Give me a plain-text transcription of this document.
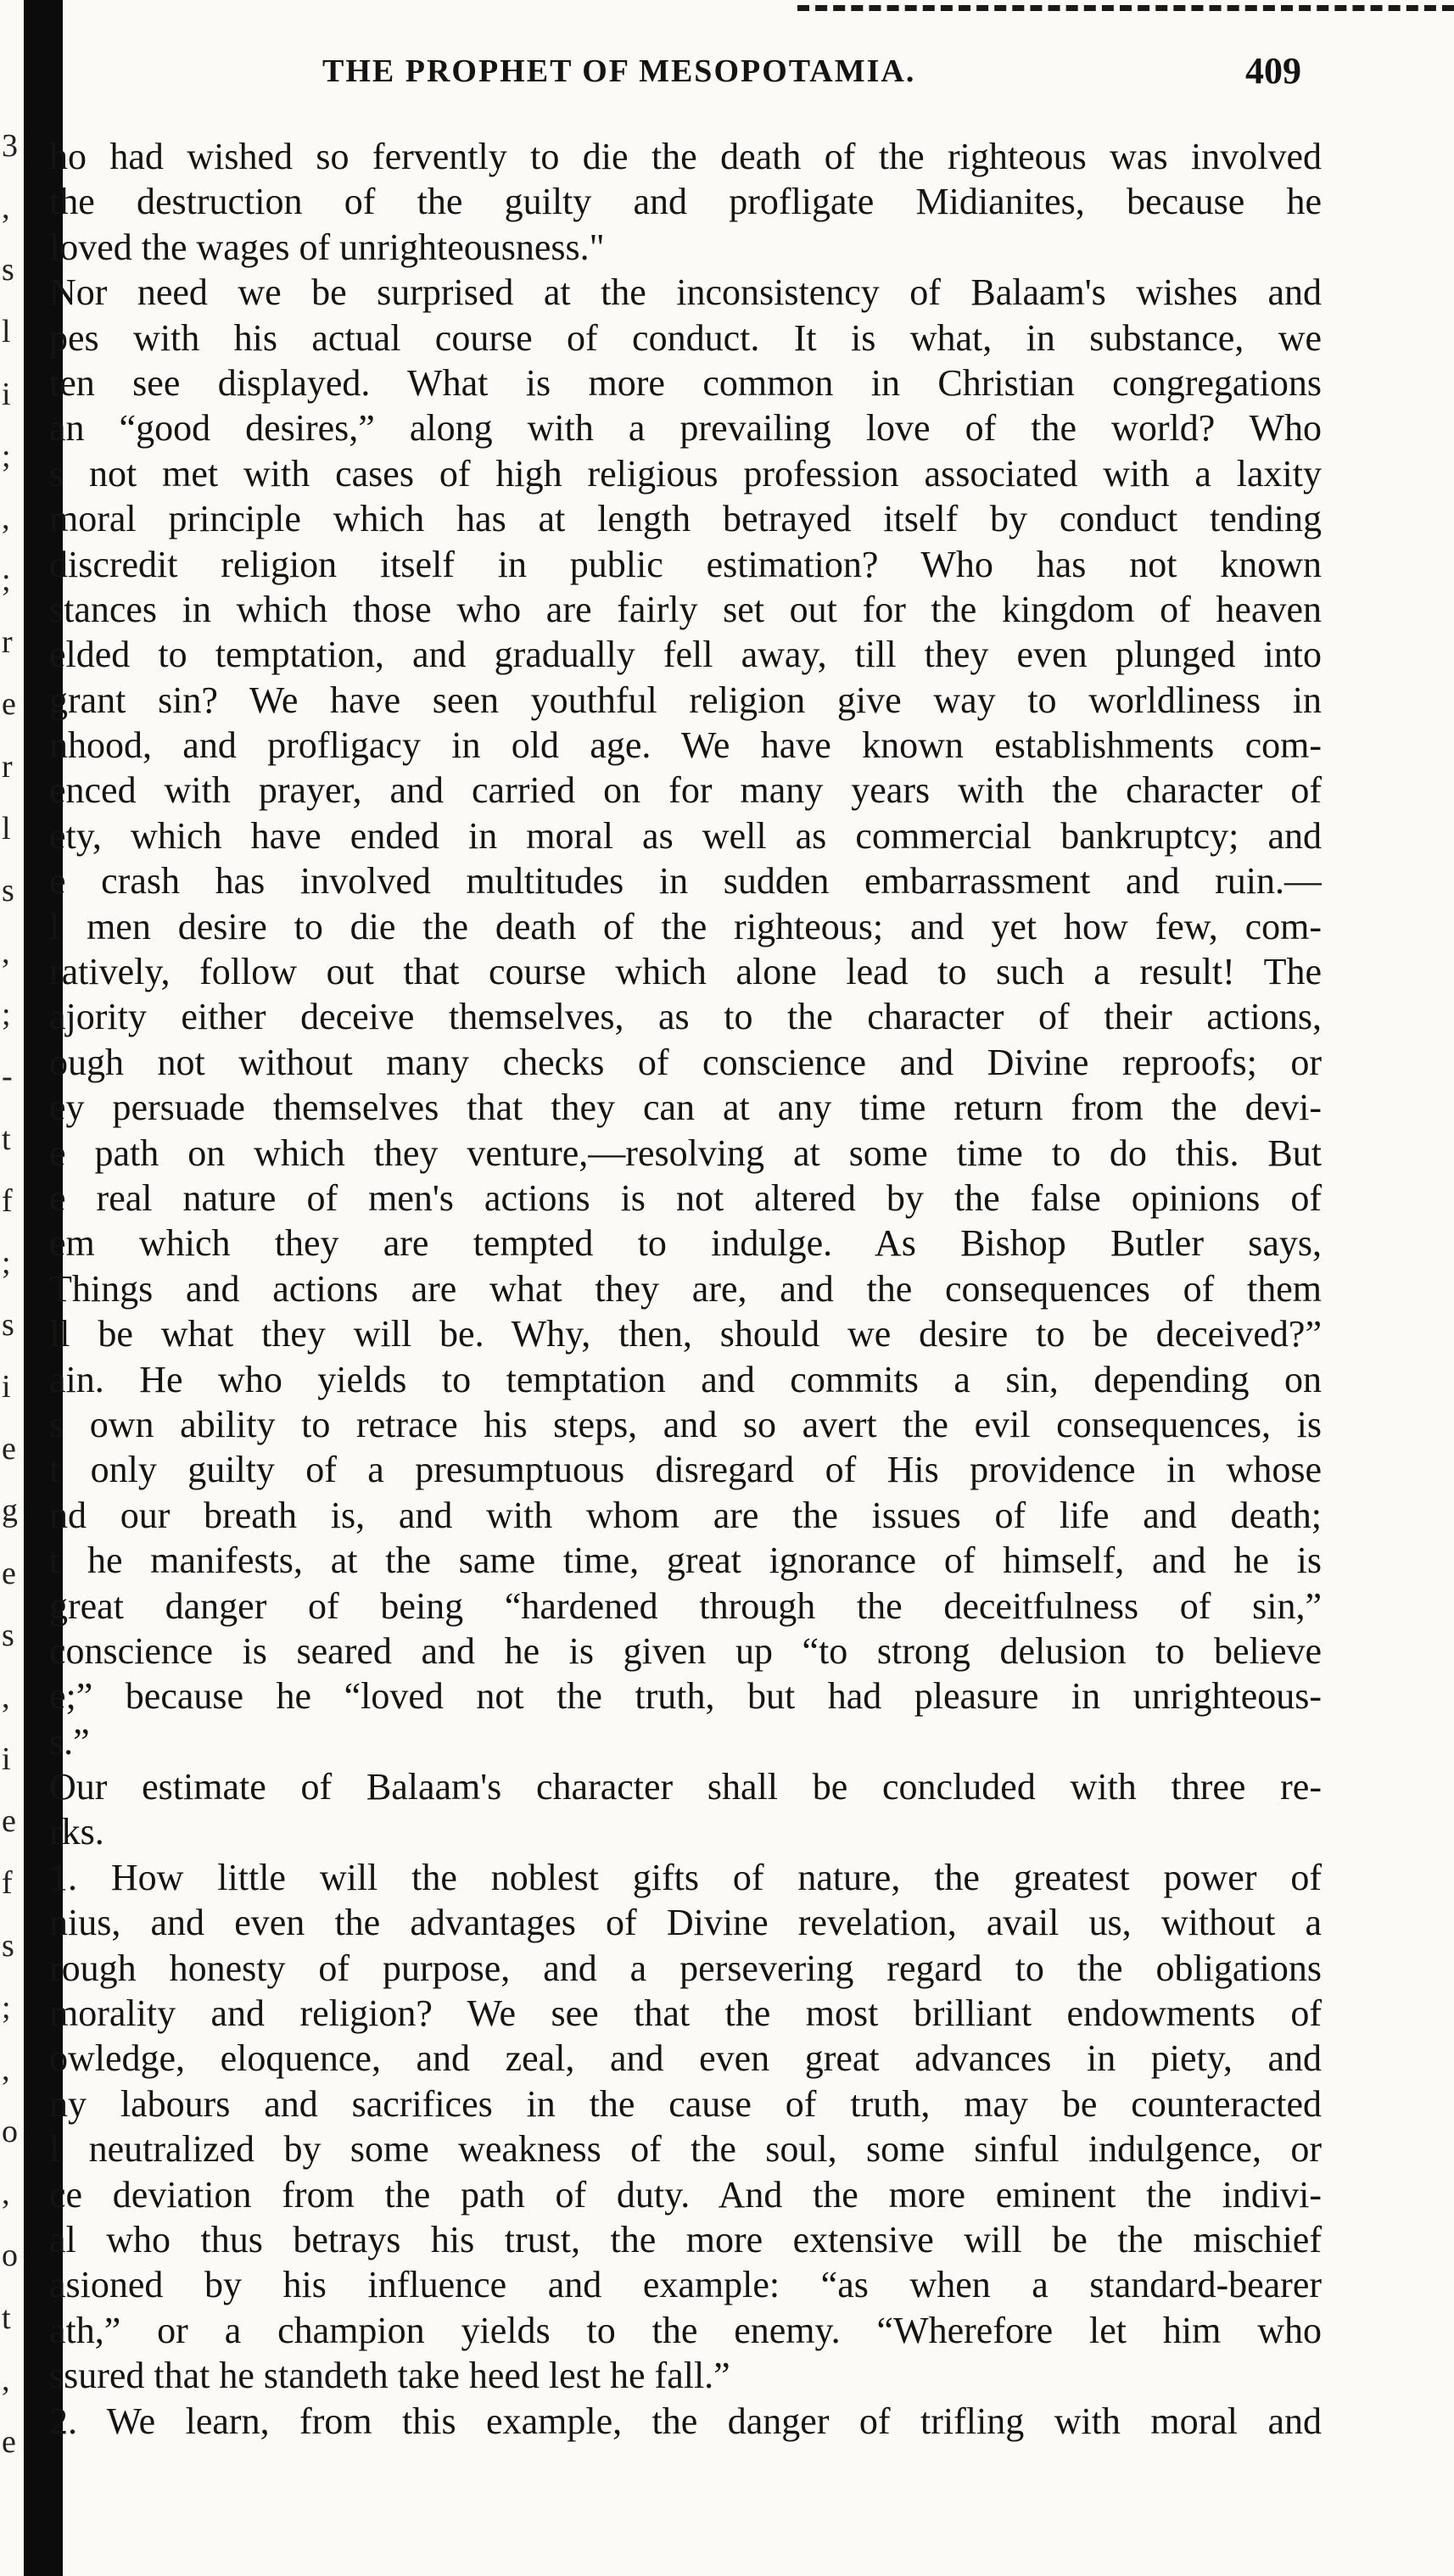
3
,
s
l
i
;
,
;
r
e
r
l
s
,
;
-
t
f
;
s
i
e
g
e
s
,
i
e
f
s
;
,
o
,
o
t
,
e
THE PROPHET OF MESOPOTAMIA.	409
ho had wished so fervently to die the death of the righteous was involved
the destruction of the guilty and profligate Midianites, because he
loved the wages of unrighteousness."
Nor need we be surprised at the inconsistency of Balaam's wishes and
pes with his actual course of conduct. It is what, in substance, we
ten see displayed. What is more common in Christian congregations
an “good desires,” along with a prevailing love of the world? Who
s not met with cases of high religious profession associated with a laxity
moral principle which has at length betrayed itself by conduct tending
discredit religion itself in public estimation? Who has not known
stances in which those who are fairly set out for the kingdom of heaven
elded to temptation, and gradually fell away, till they even plunged into
grant sin? We have seen youthful religion give way to worldliness in
nhood, and profligacy in old age. We have known establishments com-
enced with prayer, and carried on for many years with the character of
ety, which have ended in moral as well as commercial bankruptcy; and
e crash has involved multitudes in sudden embarrassment and ruin.—
l men desire to die the death of the righteous; and yet how few, com-
ratively, follow out that course which alone lead to such a result! The
ajority either deceive themselves, as to the character of their actions,
ough not without many checks of conscience and Divine reproofs; or
ey persuade themselves that they can at any time return from the devi-
e path on which they venture,—resolving at some time to do this. But
e real nature of men's actions is not altered by the false opinions of
em which they are tempted to indulge. As Bishop Butler says,
Things and actions are what they are, and the consequences of them
ll be what they will be. Why, then, should we desire to be deceived?”
ain. He who yields to temptation and commits a sin, depending on
s own ability to retrace his steps, and so avert the evil consequences, is
t only guilty of a presumptuous disregard of His providence in whose
nd our breath is, and with whom are the issues of life and death;
t he manifests, at the same time, great ignorance of himself, and he is
great danger of being “hardened through the deceitfulness of sin,”
conscience is seared and he is given up “to strong delusion to believe
e;” because he “loved not the truth, but had pleasure in unrighteous-
s.”
Our estimate of Balaam's character shall be concluded with three re-
rks.
1. How little will the noblest gifts of nature, the greatest power of
nius, and even the advantages of Divine revelation, avail us, without a
rough honesty of purpose, and a persevering regard to the obligations
morality and religion? We see that the most brilliant endowments of
owledge, eloquence, and zeal, and even great advances in piety, and
ny labours and sacrifices in the cause of truth, may be counteracted
l neutralized by some weakness of the soul, some sinful indulgence, or
ce deviation from the path of duty. And the more eminent the indivi-
al who thus betrays his trust, the more extensive will be the mischief
asioned by his influence and example: “as when a standard-bearer
ath,” or a champion yields to the enemy. “Wherefore let him who
ssured that he standeth take heed lest he fall.”
2. We learn, from this example, the danger of trifling with moral and
